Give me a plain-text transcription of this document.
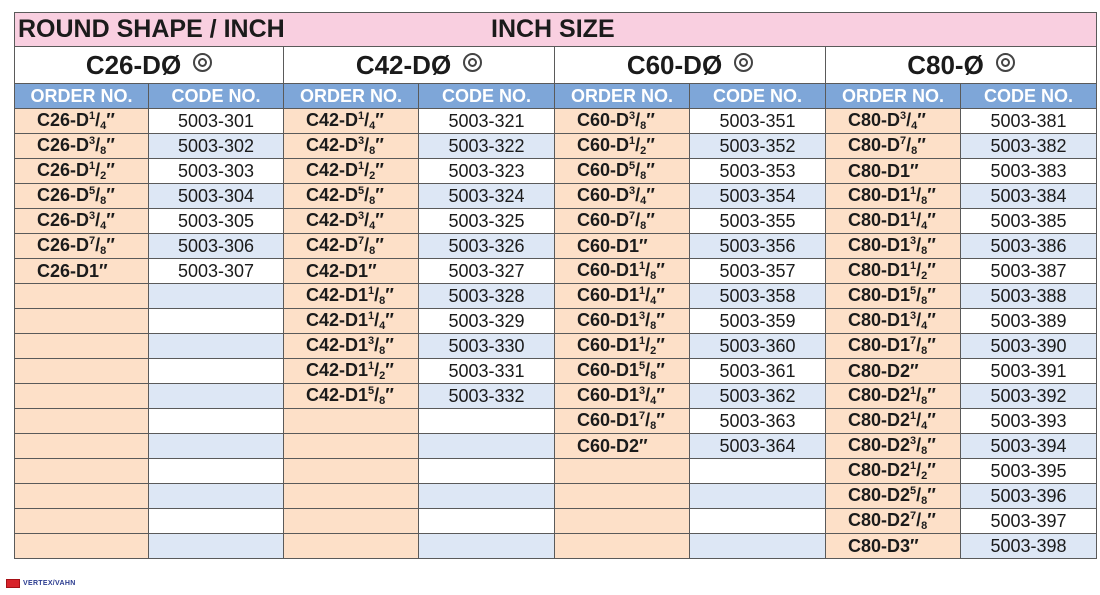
ROUND SHAPE / INCH INCH SIZE							

C26-DØ		C42-DØ		C60-DØ		C80-Ø	
ORDER NO.	CODE NO.	ORDER NO.	CODE NO.	ORDER NO.	CODE NO.	ORDER NO.	CODE NO.
$C26-D^1/_4''$	5003-301	$C42-D^1/_4''$	5003-321	$C60-D^3/_8''$	5003-351	$C80-D^3/_4''$	5003-381
$C26-D^3/_8''$	5003-302	$C42-D^3/_8''$	5003-322	$C60-D^1/_2''$	5003-352	$C80-D^7/_8''$	5003-382
$C26-D^1/_2''$	5003-303	$C42-D^1/_2''$	5003-323	$C60-D^5/_8''$	5003-353	C80-D1″	5003-383
$C26-D^5/_8''$	5003-304	$C42-D^5/_8''$	5003-324	$C60-D^3/_4''$	5003-354	$C80-D1^1/_8''$	5003-384
$C26-D^3/_4''$	5003-305	$C42-D^3/_4''$	5003-325	$C60-D^7/_8''$	5003-355	$C80-D1^1/_4''$	5003-385
$C26-D^7/_8''$	5003-306	$C42-D^7/_8''$	5003-326	C60-D1″	5003-356	$C80-D1^3/_8''$	5003-386
C26-D1″	5003-307	C42-D1″	5003-327	$C60-D1^1/_8''$	5003-357	$C80-D1^1/_2''$	5003-387
		$C42-D1^1/_8''$	5003-328	$C60-D1^1/_4''$	5003-358	$C80-D1^5/_8''$	5003-388
		$C42-D1^1/_4''$	5003-329	$C60-D1^3/_8''$	5003-359	$C80-D1^3/_4''$	5003-389
		$C42-D1^3/_8''$	5003-330	$C60-D1^1/_2''$	5003-360	$C80-D1^7/_8''$	5003-390
		$C42-D1^1/_2''$	5003-331	$C60-D1^5/_8''$	5003-361	C80-D2″	5003-391
		$C42-D1^5/_8''$	5003-332	$C60-D1^3/_4''$	5003-362	$C80-D2^1/_8''$	5003-392
				$C60-D1^7/_8''$	5003-363	$C80-D2^1/_4''$	5003-393
				C60-D2″	5003-364	$C80-D2^3/_8''$	5003-394
						$C80-D2^1/_2''$	5003-395
						$C80-D2^5/_8''$	5003-396
						$C80-D2^7/_8''$	5003-397
						C80-D3″	5003-398
VERTEX/VAHN
